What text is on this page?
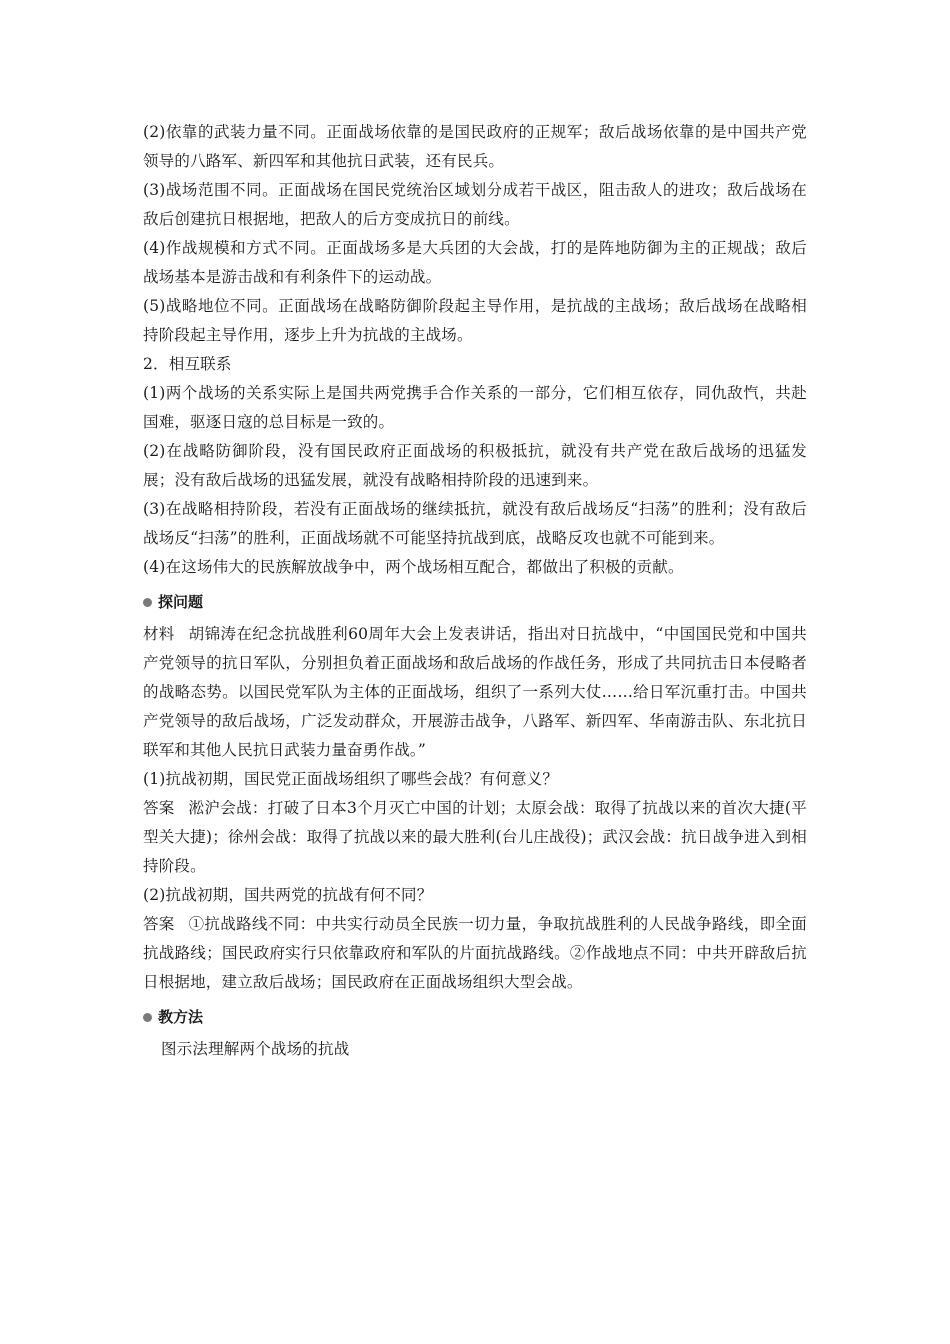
(2)依靠的武装力量不同。正面战场依靠的是国民政府的正规军；敌后战场依靠的是中国共产党领导的八路军、新四军和其他抗日武装，还有民兵。

(3)战场范围不同。正面战场在国民党统治区域划分成若干战区，阻击敌人的进攻；敌后战场在敌后创建抗日根据地，把敌人的后方变成抗日的前线。

(4)作战规模和方式不同。正面战场多是大兵团的大会战，打的是阵地防御为主的正规战；敌后战场基本是游击战和有利条件下的运动战。

(5)战略地位不同。正面战场在战略防御阶段起主导作用，是抗战的主战场；敌后战场在战略相持阶段起主导作用，逐步上升为抗战的主战场。

2．相互联系

(1)两个战场的关系实际上是国共两党携手合作关系的一部分，它们相互依存，同仇敌忾，共赴国难，驱逐日寇的总目标是一致的。

(2)在战略防御阶段，没有国民政府正面战场的积极抵抗，就没有共产党在敌后战场的迅猛发展；没有敌后战场的迅猛发展，就没有战略相持阶段的迅速到来。

(3)在战略相持阶段，若没有正面战场的继续抵抗，就没有敌后战场反“扫荡”的胜利；没有敌后战场反“扫荡”的胜利，正面战场就不可能坚持抗战到底，战略反攻也就不可能到来。

(4)在这场伟大的民族解放战争中，两个战场相互配合，都做出了积极的贡献。

探问题

材料 胡锦涛在纪念抗战胜利60周年大会上发表讲话，指出对日抗战中，“中国国民党和中国共产党领导的抗日军队，分别担负着正面战场和敌后战场的作战任务，形成了共同抗击日本侵略者的战略态势。以国民党军队为主体的正面战场，组织了一系列大仗……给日军沉重打击。中国共产党领导的敌后战场，广泛发动群众，开展游击战争，八路军、新四军、华南游击队、东北抗日联军和其他人民抗日武装力量奋勇作战。”

(1)抗战初期，国民党正面战场组织了哪些会战？有何意义？

答案 淞沪会战：打破了日本3个月灭亡中国的计划；太原会战：取得了抗战以来的首次大捷(平型关大捷)；徐州会战：取得了抗战以来的最大胜利(台儿庄战役)；武汉会战：抗日战争进入到相持阶段。

(2)抗战初期，国共两党的抗战有何不同？

答案 ①抗战路线不同：中共实行动员全民族一切力量，争取抗战胜利的人民战争路线，即全面抗战路线；国民政府实行只依靠政府和军队的片面抗战路线。②作战地点不同：中共开辟敌后抗日根据地，建立敌后战场；国民政府在正面战场组织大型会战。

教方法

图示法理解两个战场的抗战
